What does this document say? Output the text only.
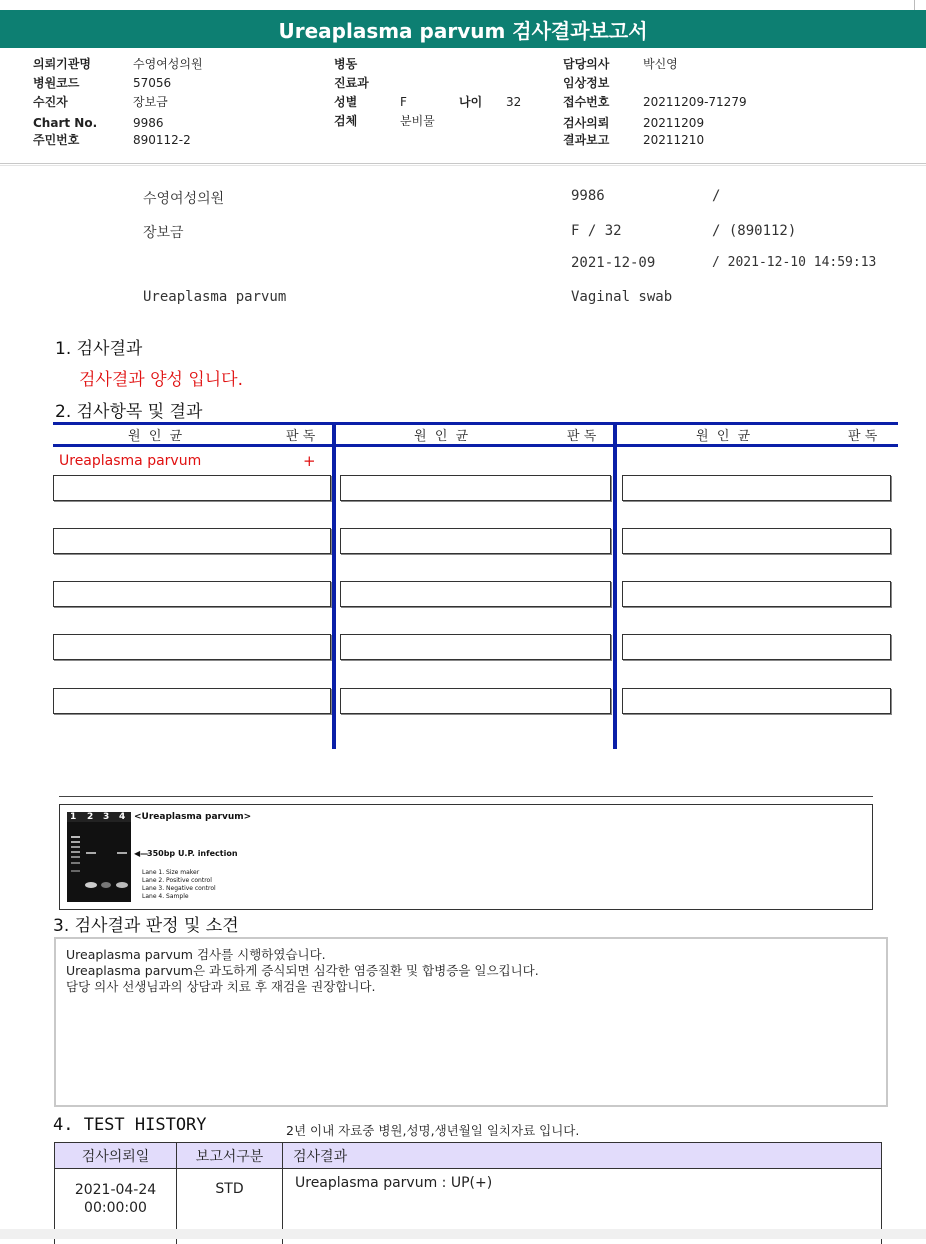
Ureaplasma parvum 검사결과보고서
의뢰기관명	수영여성의원
병원코드	57056
수진자	장보금
Chart No.	9986
주민번호	890112-2
병동
진료과
성별	F	나이 32
검체	분비물
담당의사	박신영
임상정보
접수번호	20211209-71279
검사의뢰	20211209
결과보고	20211210
수영여성의원	9986	/
장보금	F / 32	/ (890112)
2021-12-09	/ 2021-12-10 14:59:13
Ureaplasma parvum	Vaginal swab
1. 검사결과
검사결과 양성 입니다.
2. 검사항목 및 결과
원  인  균	판 독	원  인  균	판 독	원  인  균	판 독
Ureaplasma parvum	+
1 2 3 4 <Ureaplasma parvum>
◀—
350bp U.P. infection
Lane 1. Size maker
Lane 2. Positive control
Lane 3. Negative control
Lane 4. Sample
3. 검사결과 판정 및 소견
Ureaplasma parvum 검사를 시행하였습니다.
Ureaplasma parvum은 과도하게 증식되면 심각한 염증질환 및 합병증을 일으킵니다.
담당 의사 선생님과의 상담과 치료 후 재검을 권장합니다.
4. TEST HISTORY	2년 이내 자료중 병원,성명,생년월일 일치자료 입니다.
검사의뢰일	보고서구분	검사결과

2021-04-24
00:00:00	STD	Ureaplasma parvum : UP(+)
